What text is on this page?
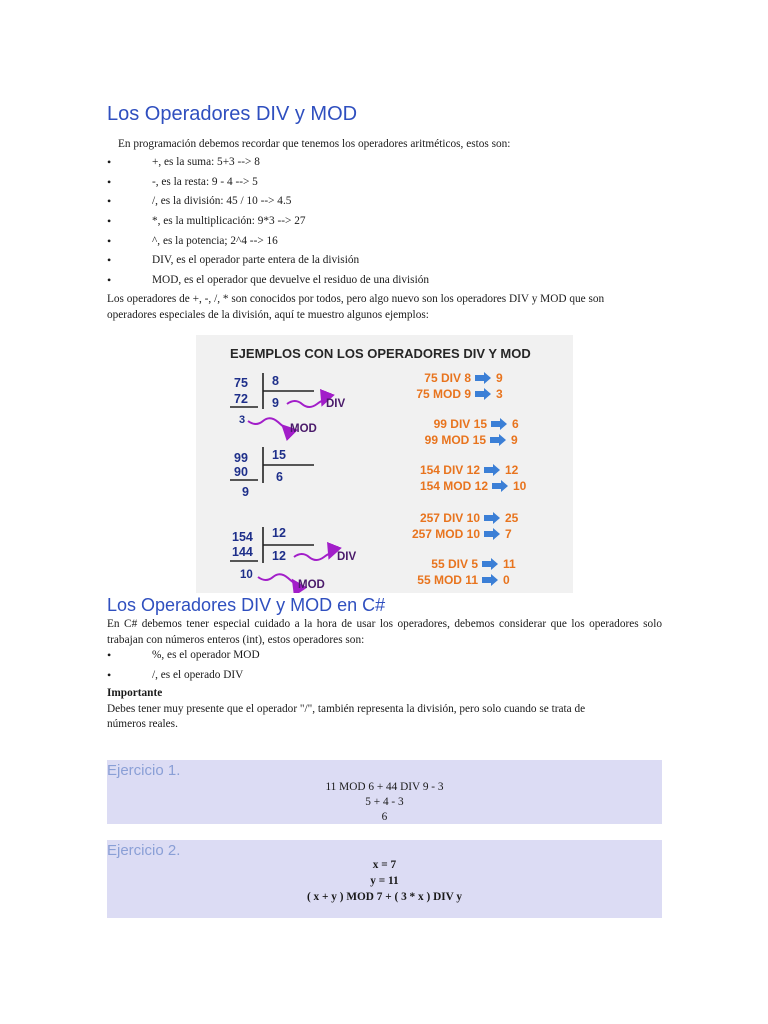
Los Operadores DIV y MOD
En programación debemos recordar que tenemos los operadores aritméticos, estos son:
•	+, es la suma: 5+3 --> 8
•	-, es la resta: 9 - 4 --> 5
•	/, es la división: 45 / 10 --> 4.5
•	*, es la multiplicación: 9*3 --> 27
•	^, es la potencia; 2^4 --> 16
•	DIV, es el operador parte entera de la división
•	MOD, es el operador que devuelve el residuo de una división
Los operadores de +, -, /, * son conocidos por todos, pero algo nuevo son los operadores DIV y MOD que son
operadores especiales de la división, aquí te muestro algunos ejemplos:
EJEMPLOS CON LOS OPERADORES DIV Y MOD
75 8
72 9
3
DIV
MOD
99 15
90 6
9
154 12
144 12
10
DIV
MOD
75 DIV 8 9
75 MOD 9 3
99 DIV 15 6
99 MOD 15 9
154 DIV 12 12
154 MOD 12 10
257 DIV 10 25
257 MOD 10 7
55 DIV 5 11
55 MOD 11 0
Los Operadores DIV y MOD en C#
En C# debemos tener especial cuidado a la hora de usar los operadores, debemos considerar que los operadores solo trabajan con números enteros (int), estos operadores son:
•	%, es el operador MOD
•	/, es el operado DIV
Importante
Debes tener muy presente que el operador "/", también representa la división, pero solo cuando se trata de
números reales.
Ejercicio 1.
11 MOD 6 + 44 DIV 9 - 3
5 + 4 - 3
6
Ejercicio 2.
x = 7
y = 11
( x + y ) MOD 7 + ( 3 * x ) DIV y
